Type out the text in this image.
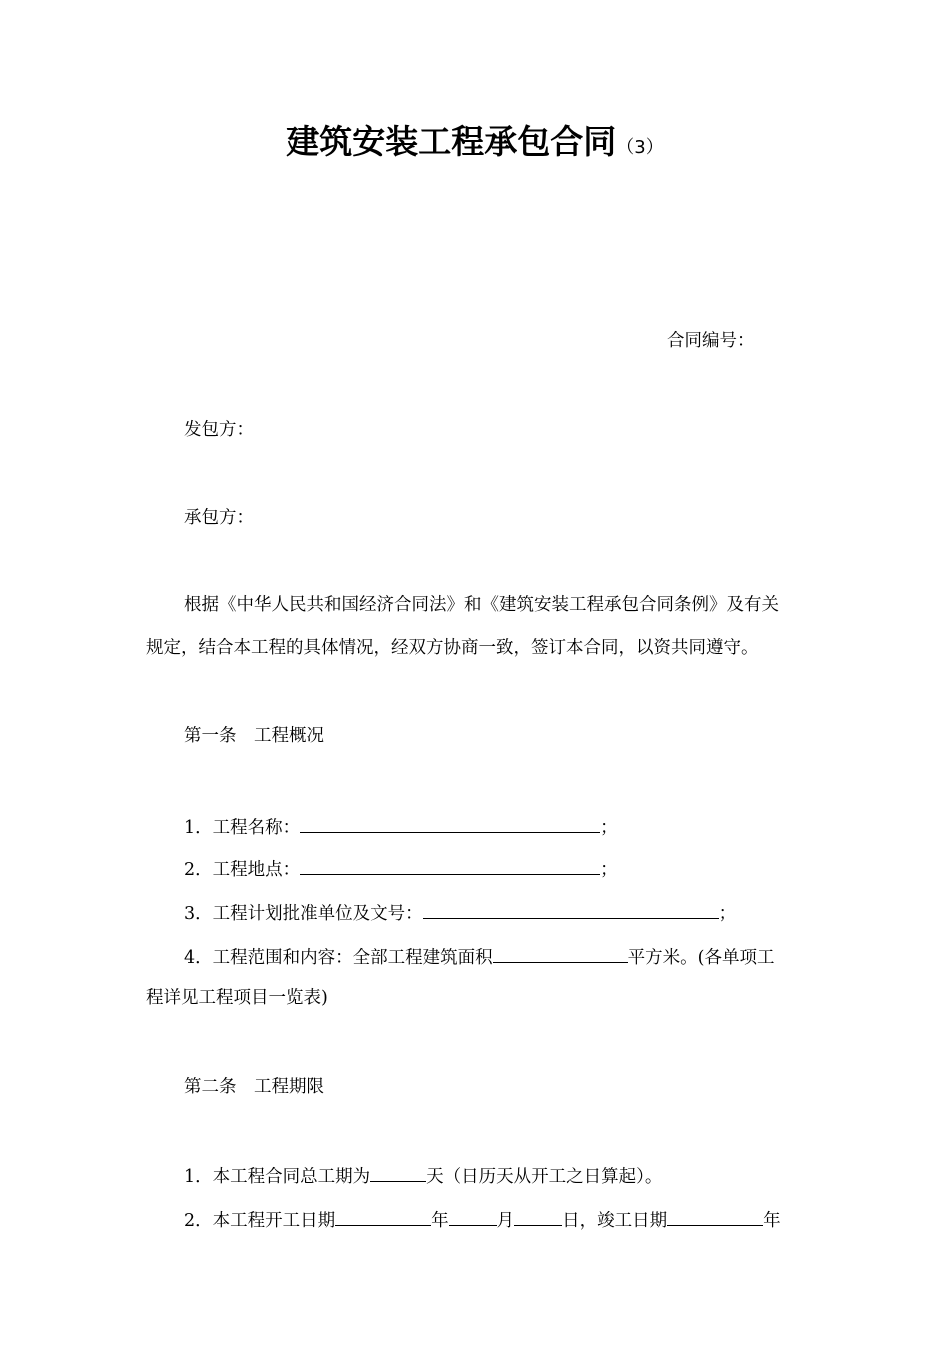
建筑安装工程承包合同（3）
合同编号：
发包方：
承包方：
根据《中华人民共和国经济合同法》和《建筑安装工程承包合同条例》及有关
规定，结合本工程的具体情况，经双方协商一致，签订本合同，以资共同遵守。
第一条　工程概况
1．工程名称：	；
2．工程地点：	；
3．工程计划批准单位及文号：	；
4．工程范围和内容：全部工程建筑面积	平方米。(各单项工
程详见工程项目一览表)
第二条　工程期限
1．本工程合同总工期为	天（日历天从开工之日算起）。
2．本工程开工日期	年	月	日，竣工日期	年
